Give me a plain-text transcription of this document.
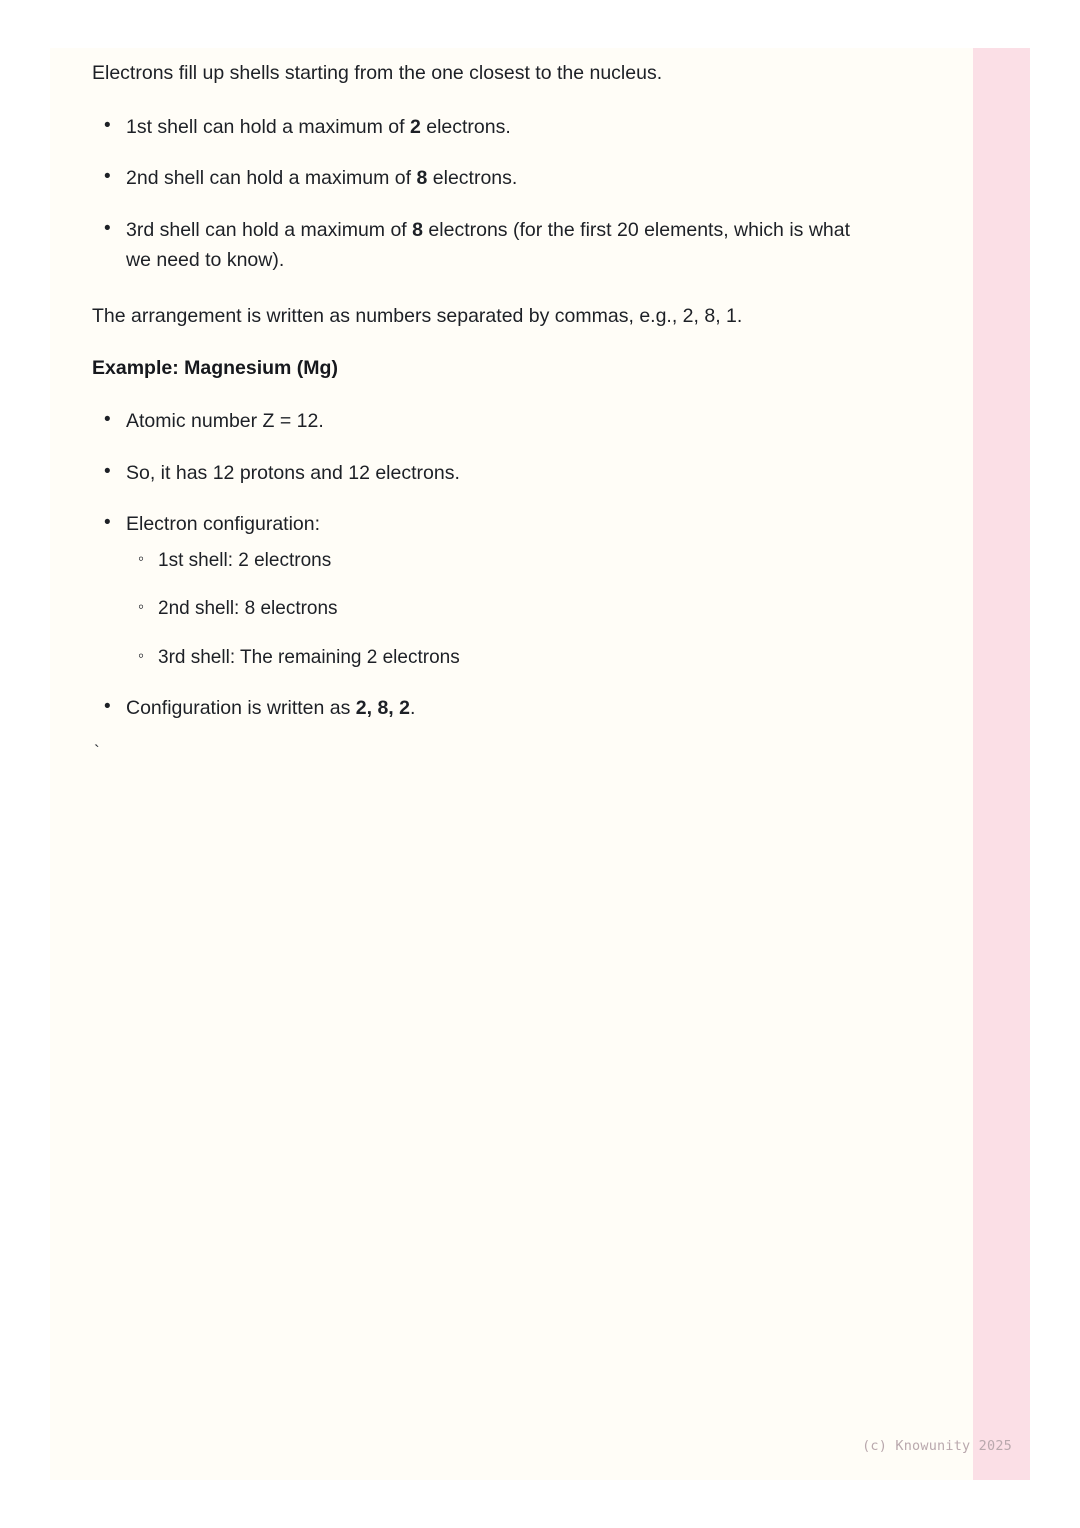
Electrons fill up shells starting from the one closest to the nucleus.

• 1st shell can hold a maximum of 2 electrons.
• 2nd shell can hold a maximum of 8 electrons.
• 3rd shell can hold a maximum of 8 electrons (for the first 20 elements, which is what we need to know).

The arrangement is written as numbers separated by commas, e.g., 2, 8, 1.

Example: Magnesium (Mg)

• Atomic number Z = 12.
• So, it has 12 protons and 12 electrons.
• Electron configuration:
◦ 1st shell: 2 electrons
◦ 2nd shell: 8 electrons
◦ 3rd shell: The remaining 2 electrons
• Configuration is written as 2, 8, 2.

`

(c) Knowunity 2025
